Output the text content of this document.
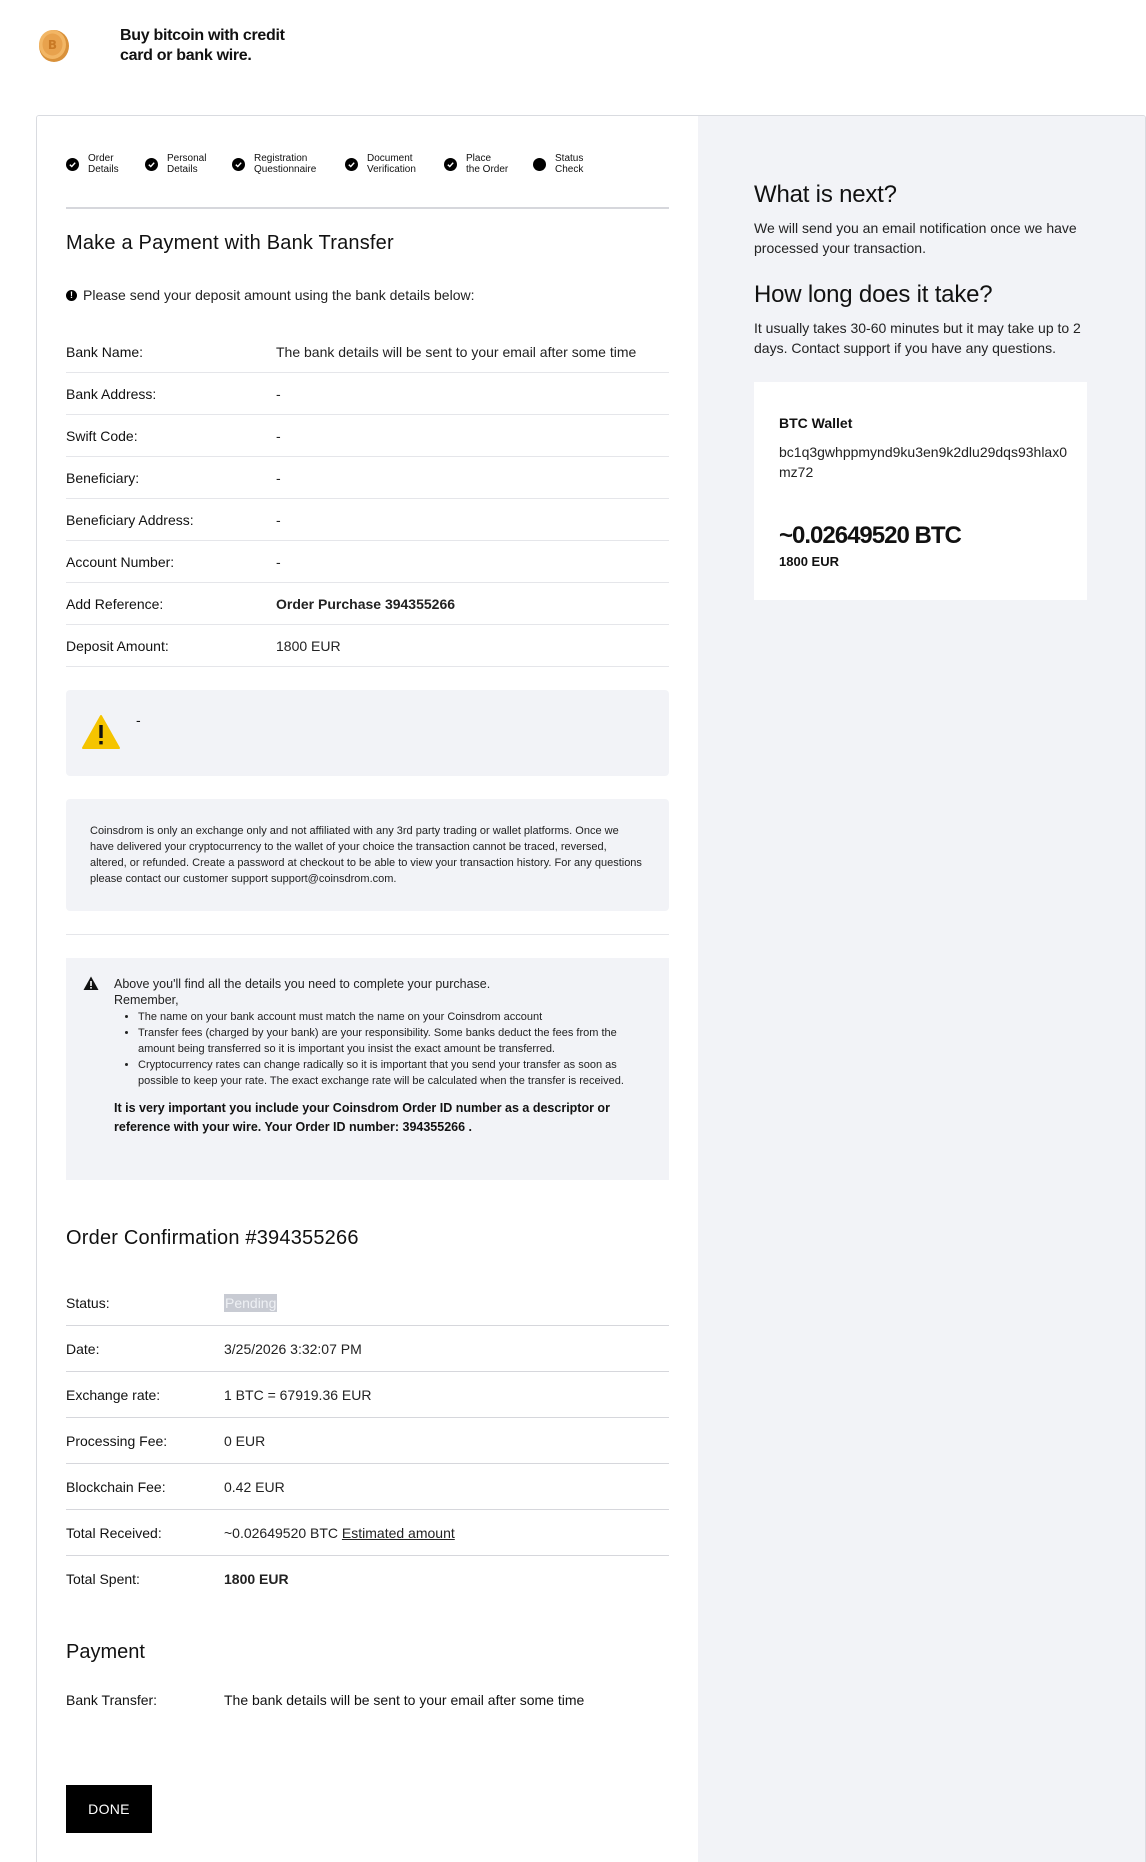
B
Buy bitcoin with credit card or bank wire.
Order
Details
Personal
Details
Registration
Questionnaire
Document
Verification
Place
the Order
Status
Check
Make a Payment with Bank Transfer
! Please send your deposit amount using the bank details below:
Bank Name:	The bank details will be sent to your email after some time
Bank Address:	-
Swift Code:	-
Beneficiary:	-
Beneficiary Address:	-
Account Number:	-
Add Reference:	Order Purchase 394355266
Deposit Amount:	1800 EUR
-
Coinsdrom is only an exchange only and not affiliated with any 3rd party trading or wallet platforms. Once we have delivered your cryptocurrency to the wallet of your choice the transaction cannot be traced, reversed, altered, or refunded. Create a password at checkout to be able to view your transaction history. For any questions please contact our customer support support@coinsdrom.com.
Above you'll find all the details you need to complete your purchase.
Remember,
• The name on your bank account must match the name on your Coinsdrom account
• Transfer fees (charged by your bank) are your responsibility. Some banks deduct the fees from the amount being transferred so it is important you insist the exact amount be transferred.
• Cryptocurrency rates can change radically so it is important that you send your transfer as soon as possible to keep your rate. The exact exchange rate will be calculated when the transfer is received.
It is very important you include your Coinsdrom Order ID number as a descriptor or reference with your wire. Your Order ID number: 394355266 .
Order Confirmation #394355266
Status:	Pending
Date:	3/25/2026 3:32:07 PM
Exchange rate:	1 BTC = 67919.36 EUR
Processing Fee:	0 EUR
Blockchain Fee:	0.42 EUR
Total Received:	~0.02649520 BTC Estimated amount
Total Spent:	1800 EUR
Payment
Bank Transfer:	The bank details will be sent to your email after some time
DONE
What is next?
We will send you an email notification once we have processed your transaction.
How long does it take?
It usually takes 30-60 minutes but it may take up to 2 days. Contact support if you have any questions.
BTC Wallet
bc1q3gwhppmynd9ku3en9k2dlu29dqs93hlax0mz72
~0.02649520 BTC
1800 EUR
